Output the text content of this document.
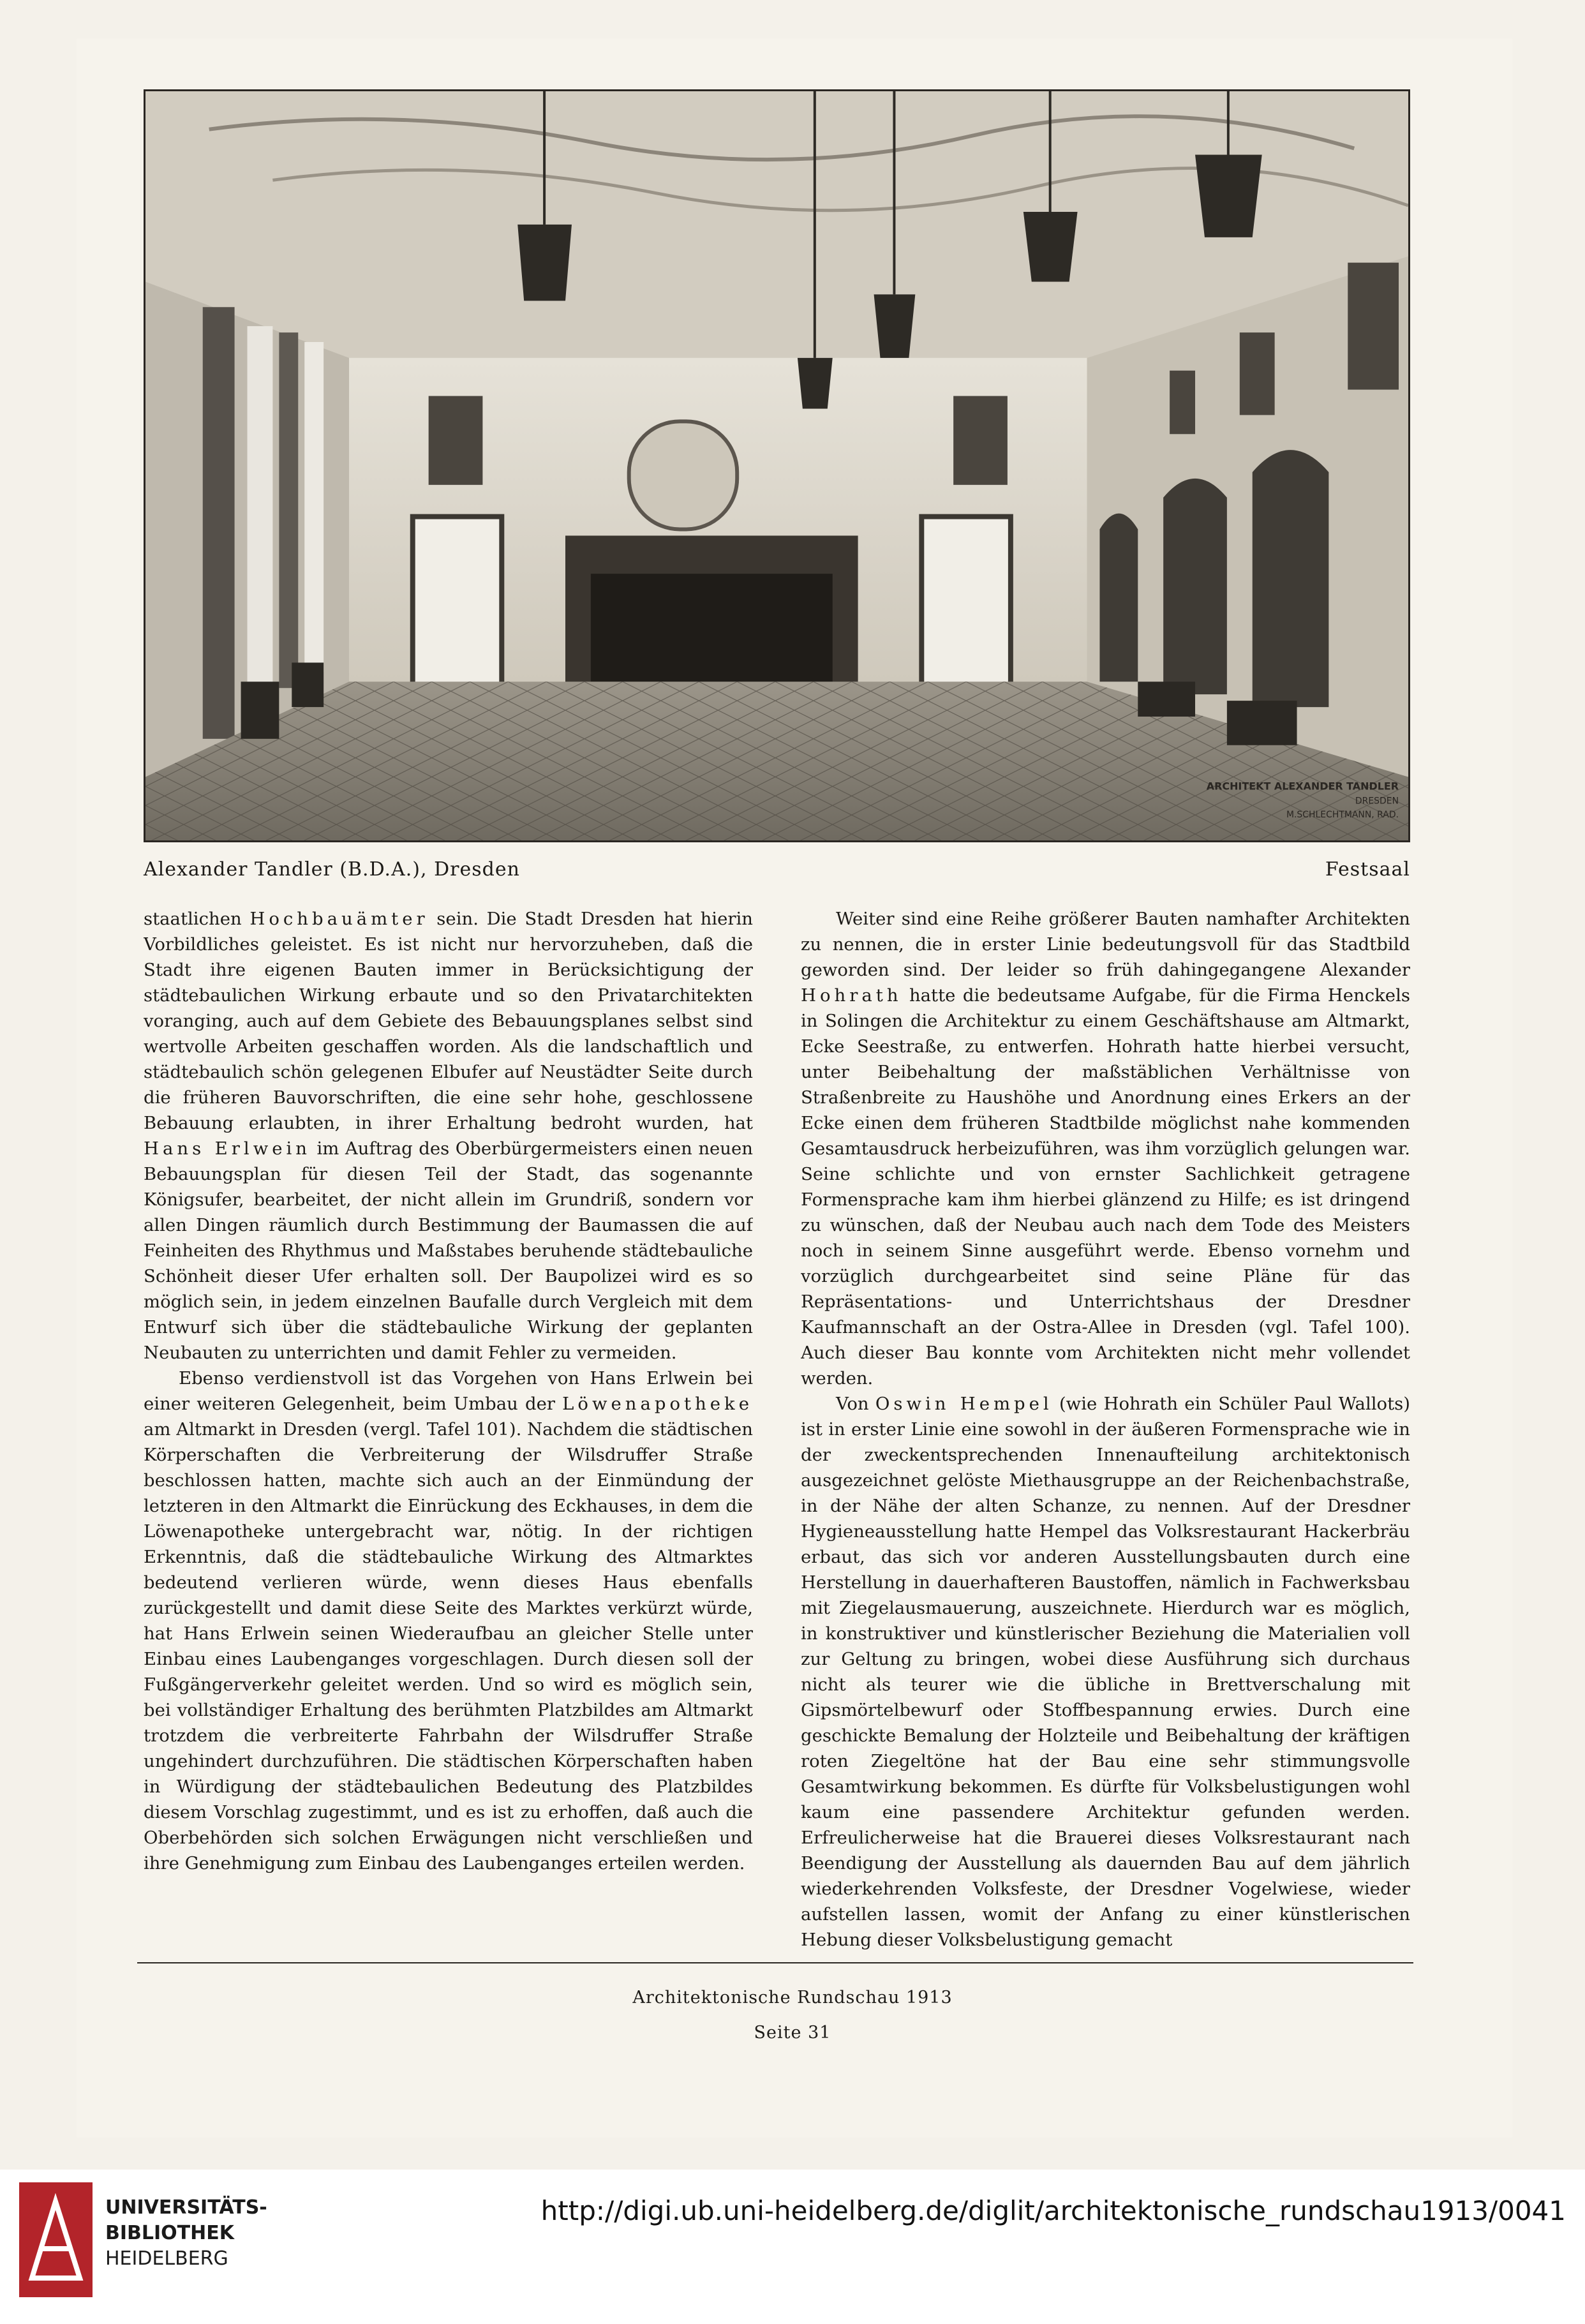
ARCHITEKT ALEXANDER TANDLER
DRESDEN
M.SCHLECHTMANN, RAD.
Alexander Tandler (B.D.A.), Dresden	Festsaal

staatlichen Hochbauämter sein. Die Stadt Dresden hat hierin Vorbildliches geleistet. Es ist nicht nur hervorzuheben, daß die Stadt ihre eigenen Bauten immer in Berücksichtigung der städtebaulichen Wirkung erbaute und so den Privatarchitekten voranging, auch auf dem Gebiete des Bebauungsplanes selbst sind wertvolle Arbeiten geschaffen worden. Als die landschaftlich und städtebaulich schön gelegenen Elbufer auf Neustädter Seite durch die früheren Bauvorschriften, die eine sehr hohe, geschlossene Bebauung erlaubten, in ihrer Erhaltung bedroht wurden, hat Hans Erlwein im Auftrag des Oberbürgermeisters einen neuen Bebauungsplan für diesen Teil der Stadt, das sogenannte Königsufer, bearbeitet, der nicht allein im Grundriß, sondern vor allen Dingen räumlich durch Bestimmung der Baumassen die auf Feinheiten des Rhythmus und Maßstabes beruhende städtebauliche Schönheit dieser Ufer erhalten soll. Der Baupolizei wird es so möglich sein, in jedem einzelnen Baufalle durch Vergleich mit dem Entwurf sich über die städtebauliche Wirkung der geplanten Neubauten zu unterrichten und damit Fehler zu vermeiden.

Ebenso verdienstvoll ist das Vorgehen von Hans Erlwein bei einer weiteren Gelegenheit, beim Umbau der Löwenapotheke am Altmarkt in Dresden (vergl. Tafel 101). Nachdem die städtischen Körperschaften die Verbreiterung der Wilsdruffer Straße beschlossen hatten, machte sich auch an der Einmündung der letzteren in den Altmarkt die Einrückung des Eckhauses, in dem die Löwenapotheke untergebracht war, nötig. In der richtigen Erkenntnis, daß die städtebauliche Wirkung des Altmarktes bedeutend verlieren würde, wenn dieses Haus ebenfalls zurückgestellt und damit diese Seite des Marktes verkürzt würde, hat Hans Erlwein seinen Wiederaufbau an gleicher Stelle unter Einbau eines Laubenganges vorgeschlagen. Durch diesen soll der Fußgängerverkehr geleitet werden. Und so wird es möglich sein, bei vollständiger Erhaltung des berühmten Platzbildes am Altmarkt trotzdem die verbreiterte Fahrbahn der Wilsdruffer Straße ungehindert durchzuführen. Die städtischen Körperschaften haben in Würdigung der städtebaulichen Bedeutung des Platzbildes diesem Vorschlag zugestimmt, und es ist zu erhoffen, daß auch die Oberbehörden sich solchen Erwägungen nicht verschließen und ihre Genehmigung zum Einbau des Laubenganges erteilen werden.

Weiter sind eine Reihe größerer Bauten namhafter Architekten zu nennen, die in erster Linie bedeutungsvoll für das Stadtbild geworden sind. Der leider so früh dahingegangene Alexander Hohrath hatte die bedeutsame Aufgabe, für die Firma Henckels in Solingen die Architektur zu einem Geschäftshause am Altmarkt, Ecke Seestraße, zu entwerfen. Hohrath hatte hierbei versucht, unter Beibehaltung der maßstäblichen Verhältnisse von Straßenbreite zu Haushöhe und Anordnung eines Erkers an der Ecke einen dem früheren Stadtbilde möglichst nahe kommenden Gesamtausdruck herbeizuführen, was ihm vorzüglich gelungen war. Seine schlichte und von ernster Sachlichkeit getragene Formensprache kam ihm hierbei glänzend zu Hilfe; es ist dringend zu wünschen, daß der Neubau auch nach dem Tode des Meisters noch in seinem Sinne ausgeführt werde. Ebenso vornehm und vorzüglich durchgearbeitet sind seine Pläne für das Repräsentations- und Unterrichtshaus der Dresdner Kaufmannschaft an der Ostra-Allee in Dresden (vgl. Tafel 100). Auch dieser Bau konnte vom Architekten nicht mehr vollendet werden.

Von Oswin Hempel (wie Hohrath ein Schüler Paul Wallots) ist in erster Linie eine sowohl in der äußeren Formensprache wie in der zweckentsprechenden Innenaufteilung architektonisch ausgezeichnet gelöste Miethausgruppe an der Reichenbachstraße, in der Nähe der alten Schanze, zu nennen. Auf der Dresdner Hygieneausstellung hatte Hempel das Volksrestaurant Hackerbräu erbaut, das sich vor anderen Ausstellungsbauten durch eine Herstellung in dauerhafteren Baustoffen, nämlich in Fachwerksbau mit Ziegelausmauerung, auszeichnete. Hierdurch war es möglich, in konstruktiver und künstlerischer Beziehung die Materialien voll zur Geltung zu bringen, wobei diese Ausführung sich durchaus nicht als teurer wie die übliche in Brettverschalung mit Gipsmörtelbewurf oder Stoffbespannung erwies. Durch eine geschickte Bemalung der Holzteile und Beibehaltung der kräftigen roten Ziegeltöne hat der Bau eine sehr stimmungsvolle Gesamtwirkung bekommen. Es dürfte für Volksbelustigungen wohl kaum eine passendere Architektur gefunden werden. Erfreulicherweise hat die Brauerei dieses Volksrestaurant nach Beendigung der Ausstellung als dauernden Bau auf dem jährlich wiederkehrenden Volksfeste, der Dresdner Vogelwiese, wieder aufstellen lassen, womit der Anfang zu einer künstlerischen Hebung dieser Volksbelustigung gemacht

Architektonische Rundschau 1913
Seite 31
UNIVERSITÄTS-
BIBLIOTHEK
HEIDELBERG
http://digi.ub.uni-heidelberg.de/diglit/architektonische_rundschau1913/0041
